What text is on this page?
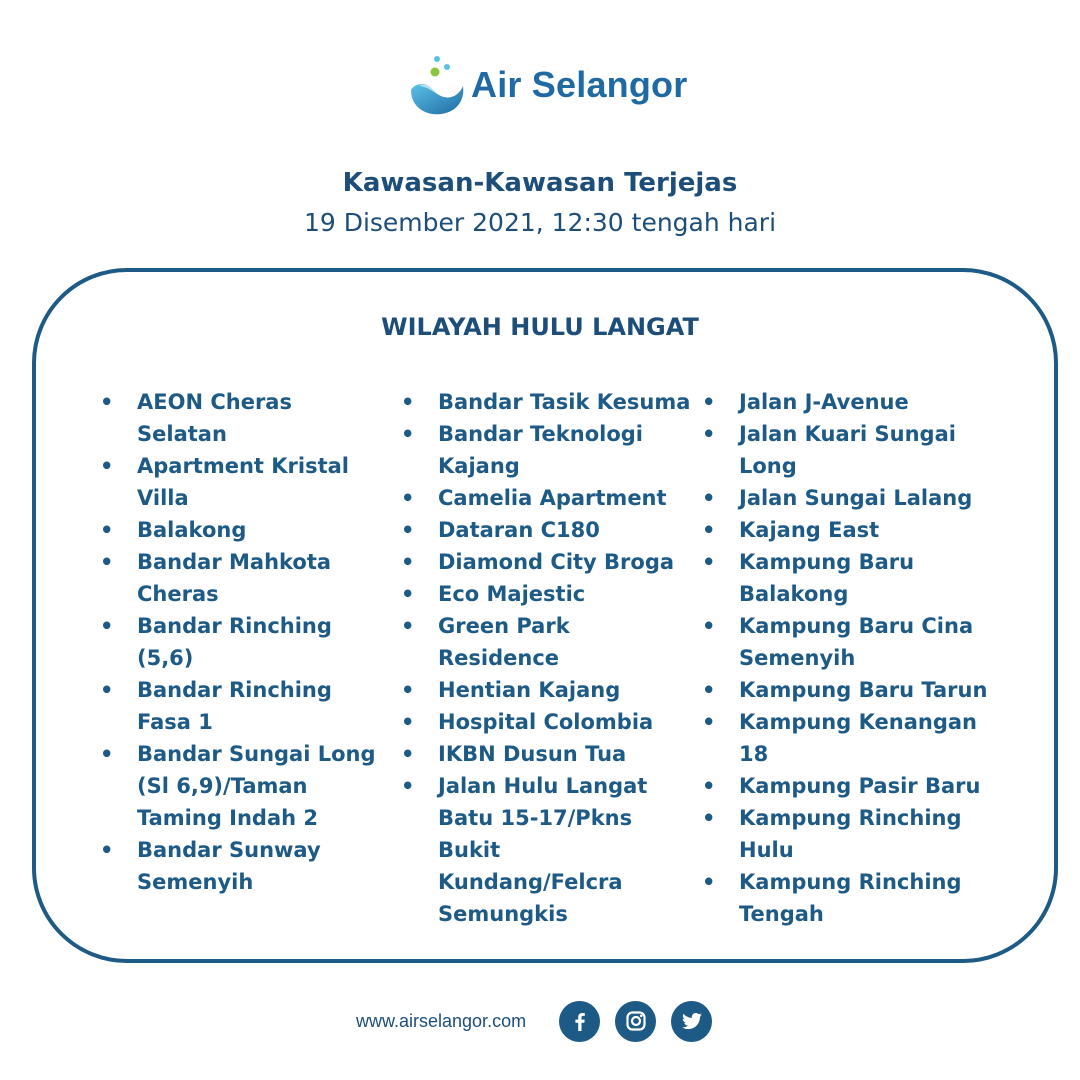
Air Selangor
Kawasan-Kawasan Terjejas
19 Disember 2021, 12:30 tengah hari
WILAYAH HULU LANGAT
• AEON Cheras Selatan
• Apartment Kristal Villa
• Balakong
• Bandar Mahkota Cheras
• Bandar Rinching (5,6)
• Bandar Rinching Fasa 1
• Bandar Sungai Long (Sl 6,9)/Taman Taming Indah 2
• Bandar Sunway Semenyih
• Bandar Tasik Kesuma
• Bandar Teknologi Kajang
• Camelia Apartment
• Dataran C180
• Diamond City Broga
• Eco Majestic
• Green Park Residence
• Hentian Kajang
• Hospital Colombia
• IKBN Dusun Tua
• Jalan Hulu Langat Batu 15-17/Pkns Bukit Kundang/Felcra Semungkis
• Jalan J-Avenue
• Jalan Kuari Sungai Long
• Jalan Sungai Lalang
• Kajang East
• Kampung Baru Balakong
• Kampung Baru Cina Semenyih
• Kampung Baru Tarun
• Kampung Kenangan 18
• Kampung Pasir Baru
• Kampung Rinching Hulu
• Kampung Rinching Tengah
www.airselangor.com
